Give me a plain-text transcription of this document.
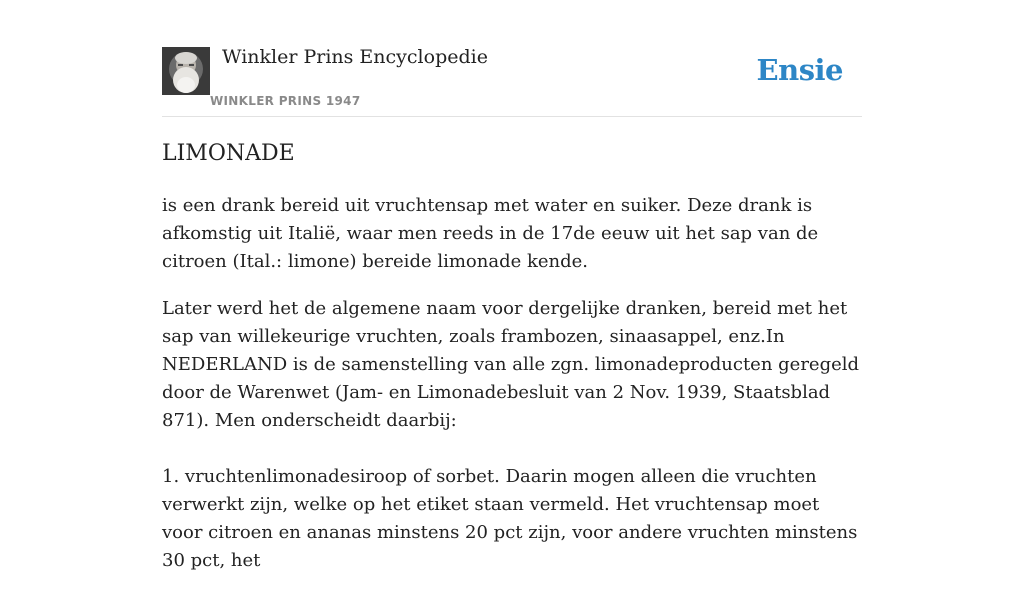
Winkler Prins Encyclopedie
WINKLER PRINS 1947
Ensie
LIMONADE

is een drank bereid uit vruchtensap met water en suiker. Deze drank is afkomstig uit Italië, waar men reeds in de 17de eeuw uit het sap van de citroen (Ital.: limone) bereide limonade kende.

Later werd het de algemene naam voor dergelijke dranken, bereid met het sap van willekeurige vruchten, zoals frambozen, sinaasappel, enz.In NEDERLAND is de samenstelling van alle zgn. limonadeproducten geregeld door de Warenwet (Jam- en Limonadebesluit van 2 Nov. 1939, Staatsblad 871). Men onderscheidt daarbij:

1. vruchtenlimonadesiroop of sorbet. Daarin mogen alleen die vruchten verwerkt zijn, welke op het etiket staan vermeld. Het vruchtensap moet voor citroen en ananas minstens 20 pct zijn, voor andere vruchten minstens 30 pct, het
